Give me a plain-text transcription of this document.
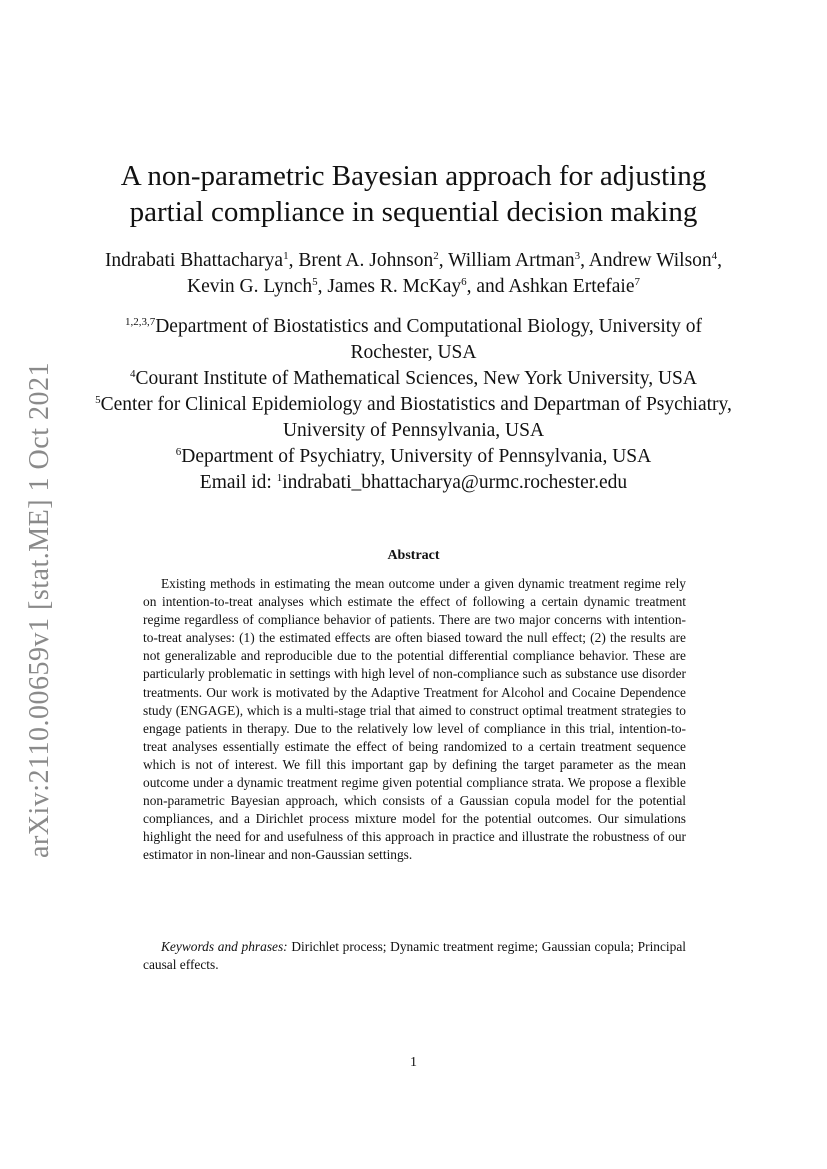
arXiv:2110.00659v1 [stat.ME] 1 Oct 2021
A non-parametric Bayesian approach for adjusting
partial compliance in sequential decision making
Indrabati Bhattacharya$^1$, Brent A. Johnson$^2$, William Artman$^3$, Andrew Wilson$^4$, Kevin G. Lynch$^5$, James R. McKay$^6$, and Ashkan Ertefaie$^7$
$^{1,2,3,7}$Department of Biostatistics and Computational Biology, University of Rochester, USA
$^4$Courant Institute of Mathematical Sciences, New York University, USA
$^5$Center for Clinical Epidemiology and Biostatistics and Departman of Psychiatry, University of Pennsylvania, USA
$^6$Department of Psychiatry, University of Pennsylvania, USA
Email id: $^1$indrabati_bhattacharya@urmc.rochester.edu
Abstract

Existing methods in estimating the mean outcome under a given dynamic treatment regime rely on intention-to-treat analyses which estimate the effect of following a certain dynamic treatment regime regardless of compliance behavior of patients. There are two major concerns with intention-to-treat analyses: (1) the estimated effects are often biased toward the null effect; (2) the results are not generalizable and reproducible due to the potential differential compliance behavior. These are particularly problematic in settings with high level of non-compliance such as substance use disorder treatments. Our work is motivated by the Adaptive Treatment for Alcohol and Cocaine Dependence study (ENGAGE), which is a multi-stage trial that aimed to construct optimal treatment strategies to engage patients in therapy. Due to the relatively low level of compliance in this trial, intention-to-treat analyses essentially estimate the effect of being randomized to a certain treatment sequence which is not of interest. We fill this important gap by defining the target parameter as the mean outcome under a dynamic treatment regime given potential compliance strata. We propose a flexible non-parametric Bayesian approach, which consists of a Gaussian copula model for the potential compliances, and a Dirichlet process mixture model for the potential outcomes. Our simulations highlight the need for and usefulness of this approach in practice and illustrate the robustness of our estimator in non-linear and non-Gaussian settings.

Keywords and phrases: Dirichlet process; Dynamic treatment regime; Gaussian copula; Principal causal effects.

1
